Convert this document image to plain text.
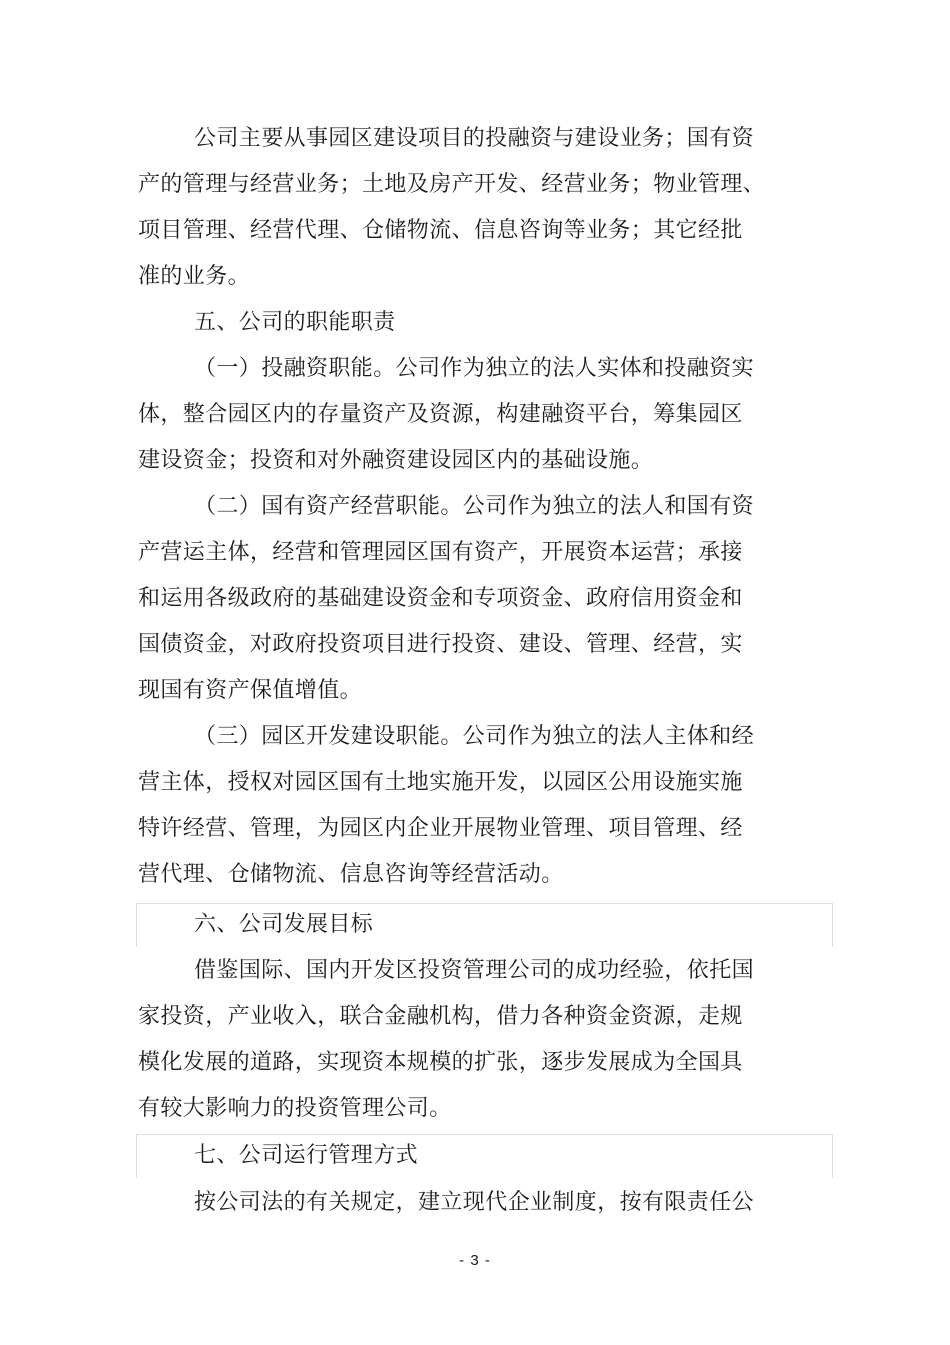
公司主要从事园区建设项目的投融资与建设业务；国有资
产的管理与经营业务；土地及房产开发、经营业务；物业管理、
项目管理、经营代理、仓储物流、信息咨询等业务；其它经批
准的业务。
五、公司的职能职责
（一）投融资职能。公司作为独立的法人实体和投融资实
体，整合园区内的存量资产及资源，构建融资平台，筹集园区
建设资金；投资和对外融资建设园区内的基础设施。
（二）国有资产经营职能。公司作为独立的法人和国有资
产营运主体，经营和管理园区国有资产，开展资本运营；承接
和运用各级政府的基础建设资金和专项资金、政府信用资金和
国债资金，对政府投资项目进行投资、建设、管理、经营，实
现国有资产保值增值。
（三）园区开发建设职能。公司作为独立的法人主体和经
营主体，授权对园区国有土地实施开发，以园区公用设施实施
特许经营、管理，为园区内企业开展物业管理、项目管理、经
营代理、仓储物流、信息咨询等经营活动。
六、公司发展目标
借鉴国际、国内开发区投资管理公司的成功经验，依托国
家投资，产业收入，联合金融机构，借力各种资金资源，走规
模化发展的道路，实现资本规模的扩张，逐步发展成为全国具
有较大影响力的投资管理公司。
七、公司运行管理方式
按公司法的有关规定，建立现代企业制度，按有限责任公
- 3 -
